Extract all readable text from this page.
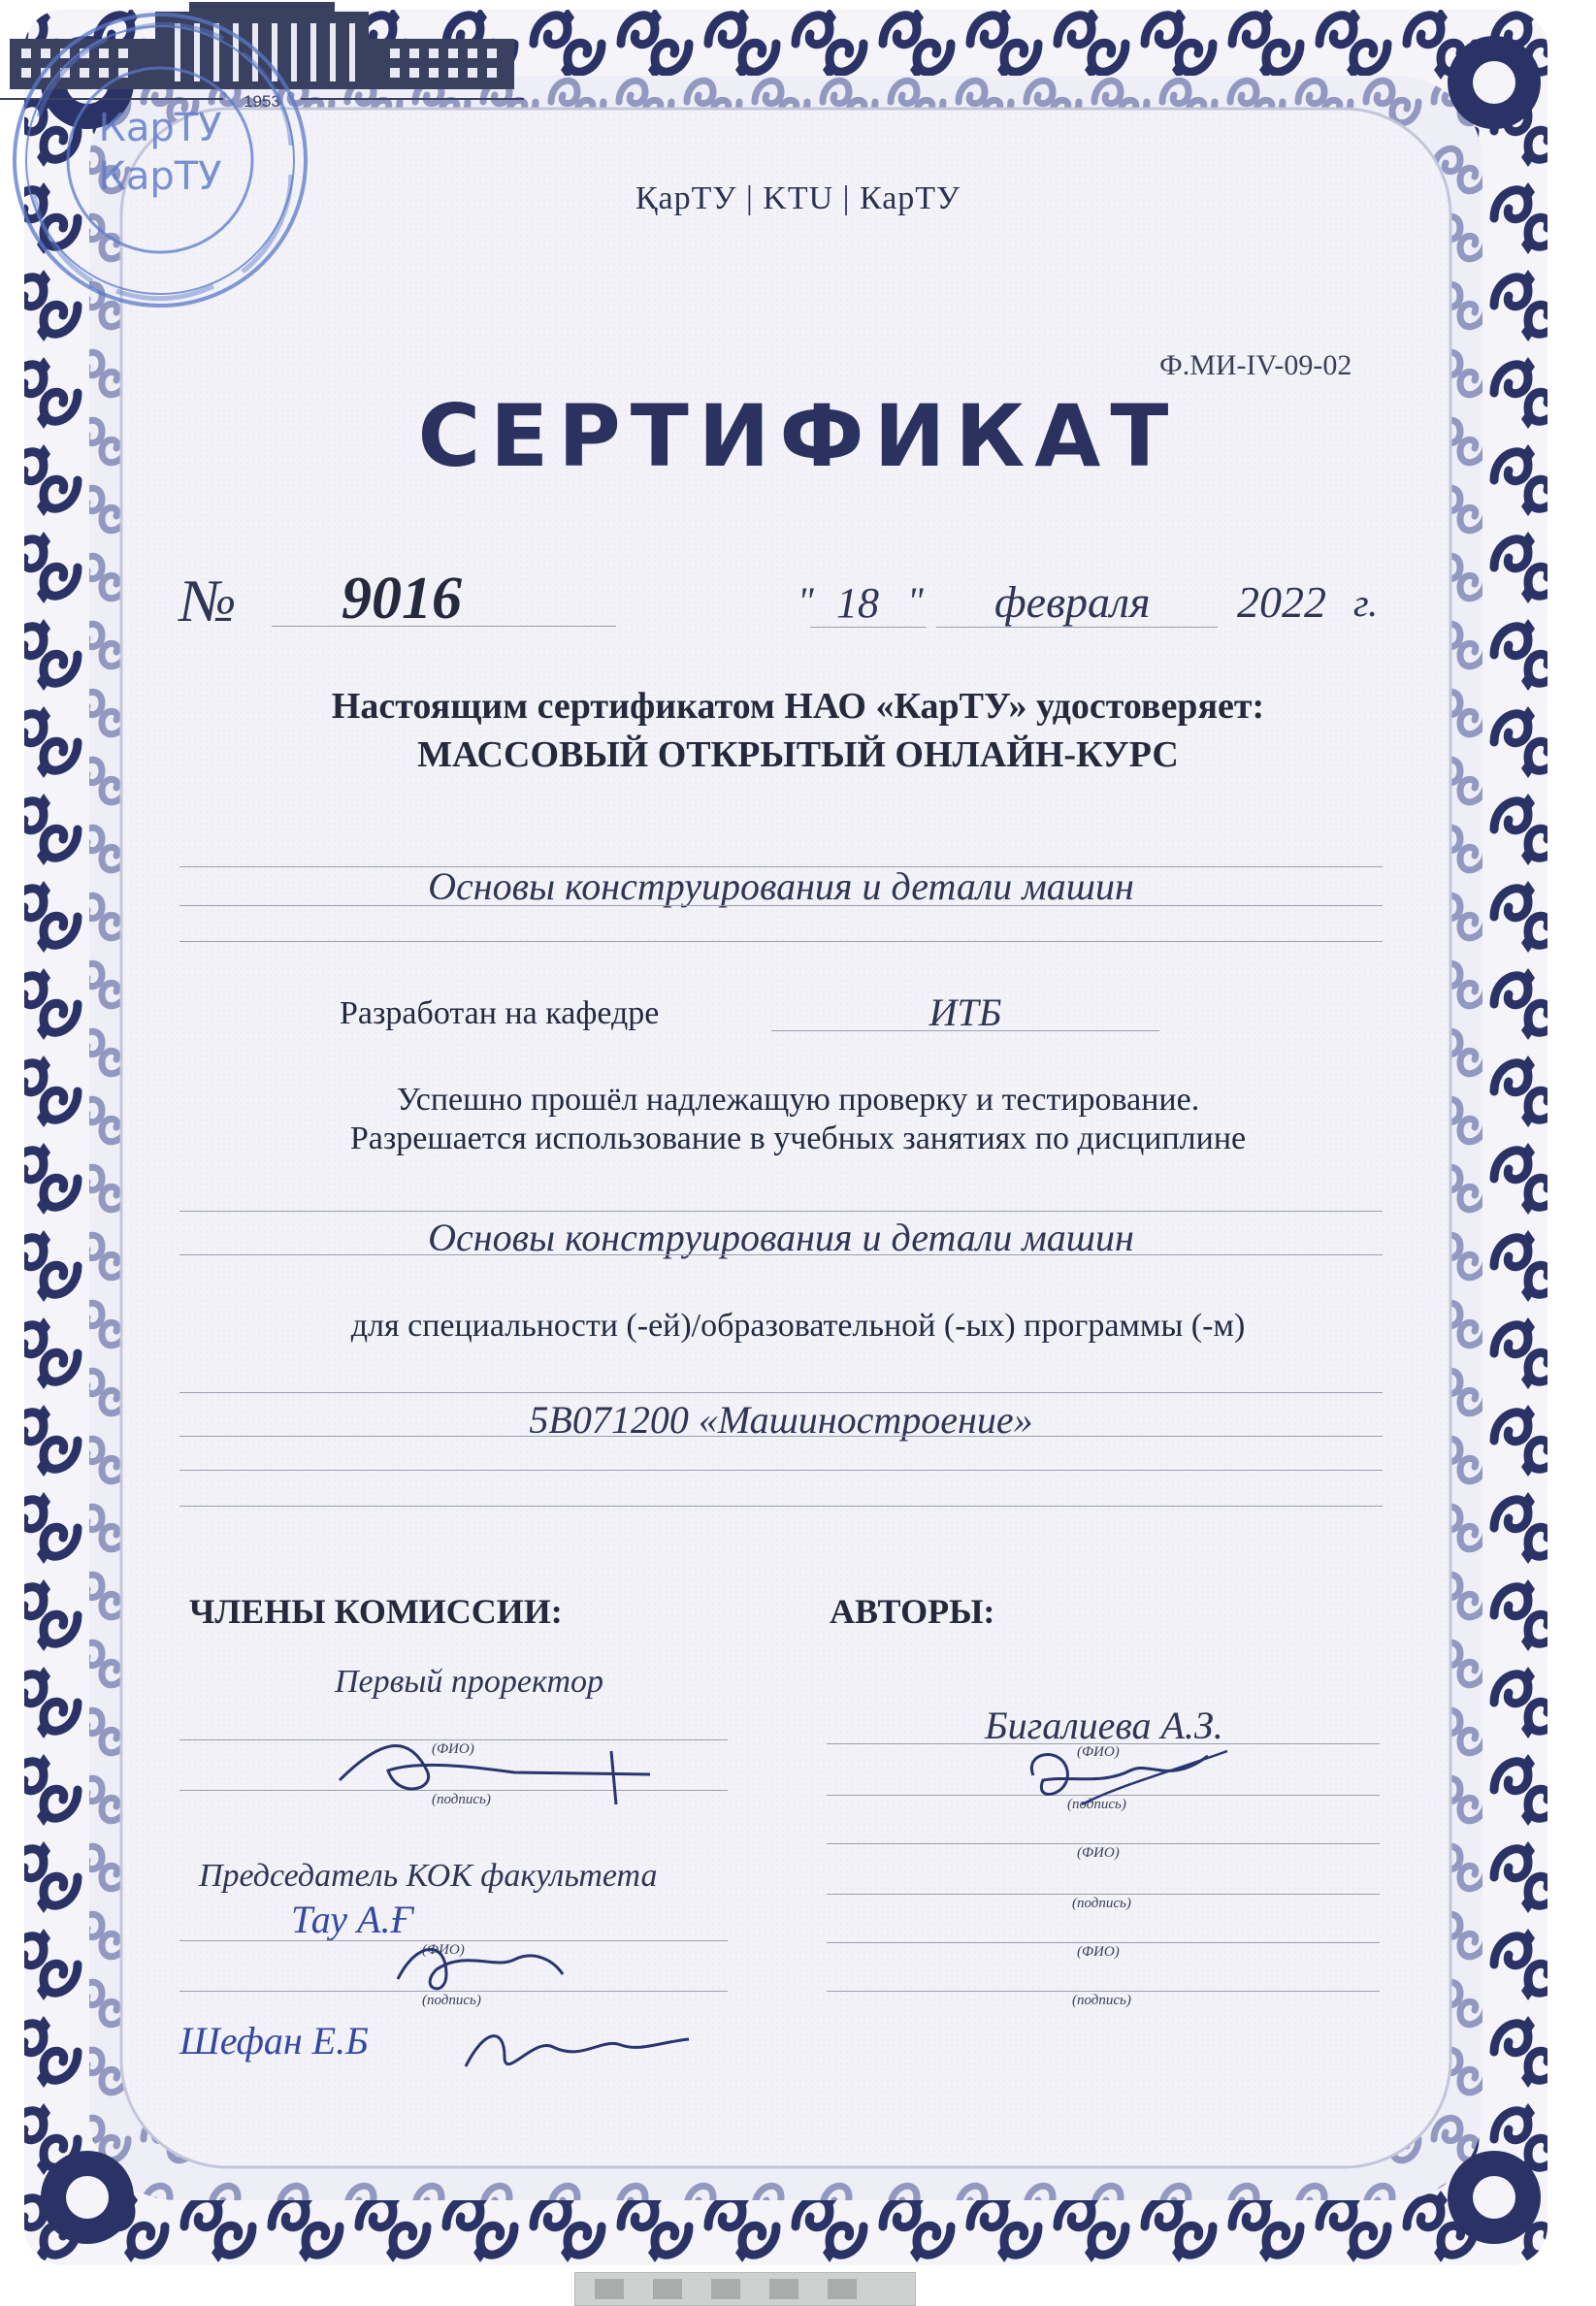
ҚарТУ | KTU | КарТУ
1953
Ф.МИ-IV-09-02
СЕРТИФИКАТ
№ 9016	" 18 " февраля 2022 г.
Настоящим сертификатом НАО «КарТУ» удостоверяет:
МАССОВЫЙ ОТКРЫТЫЙ ОНЛАЙН-КУРС
Основы конструирования и детали машин
Разработан на кафедре	ИТБ
Успешно прошёл надлежащую проверку и тестирование.
Разрешается использование в учебных занятиях по дисциплине
Основы конструирования и детали машин
для специальности (-ей)/образовательной (-ых) программы (-м)
5В071200 «Машиностроение»
ЧЛЕНЫ КОМИССИИ:
Первый проректор
(ФИО)
(подпись)
Председатель КОК факультета
Тау А.Ғ
(ФИО)
(подпись)
Шефан Е.Б
АВТОРЫ:
Бигалиева А.З.
(ФИО)
(подпись)
(ФИО)
(подпись)
(ФИО)
(подпись)
КарТУ
КарТУ
